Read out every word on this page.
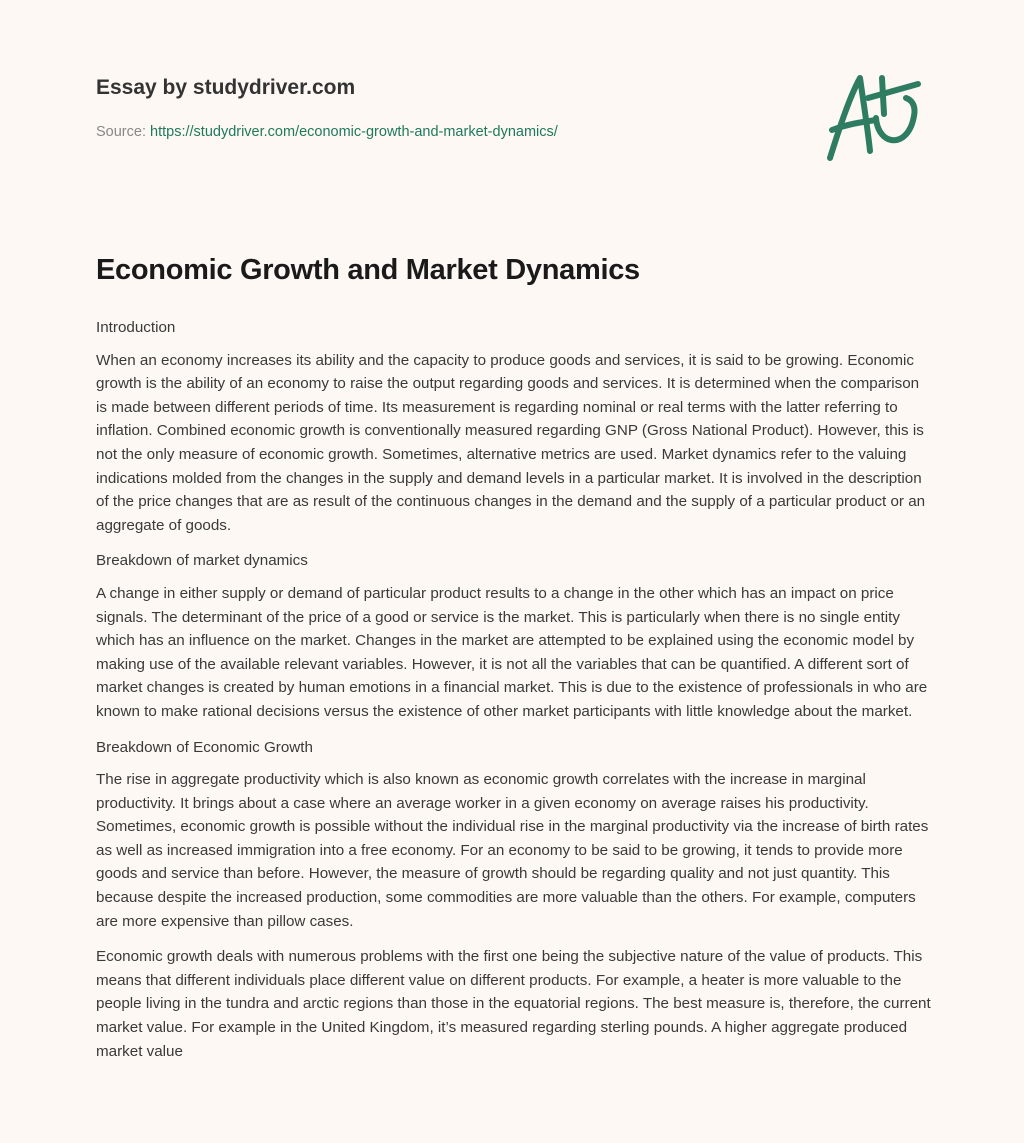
Essay by studydriver.com
Source: https://studydriver.com/economic-growth-and-market-dynamics/
Economic Growth and Market Dynamics

Introduction

When an economy increases its ability and the capacity to produce goods and services, it is said to be growing. Economic growth is the ability of an economy to raise the output regarding goods and services. It is determined when the comparison is made between different periods of time. Its measurement is regarding nominal or real terms with the latter referring to inflation. Combined economic growth is conventionally measured regarding GNP (Gross National Product). However, this is not the only measure of economic growth. Sometimes, alternative metrics are used. Market dynamics refer to the valuing indications molded from the changes in the supply and demand levels in a particular market. It is involved in the description of the price changes that are as result of the continuous changes in the demand and the supply of a particular product or an aggregate of goods.

Breakdown of market dynamics

A change in either supply or demand of particular product results to a change in the other which has an impact on price signals. The determinant of the price of a good or service is the market. This is particularly when there is no single entity which has an influence on the market. Changes in the market are attempted to be explained using the economic model by making use of the available relevant variables. However, it is not all the variables that can be quantified. A different sort of market changes is created by human emotions in a financial market. This is due to the existence of professionals in who are known to make rational decisions versus the existence of other market participants with little knowledge about the market.

Breakdown of Economic Growth

The rise in aggregate productivity which is also known as economic growth correlates with the increase in marginal productivity. It brings about a case where an average worker in a given economy on average raises his productivity. Sometimes, economic growth is possible without the individual rise in the marginal productivity via the increase of birth rates as well as increased immigration into a free economy. For an economy to be said to be growing, it tends to provide more goods and service than before. However, the measure of growth should be regarding quality and not just quantity. This because despite the increased production, some commodities are more valuable than the others. For example, computers are more expensive than pillow cases.

Economic growth deals with numerous problems with the first one being the subjective nature of the value of products. This means that different individuals place different value on different products. For example, a heater is more valuable to the people living in the tundra and arctic regions than those in the equatorial regions. The best measure is, therefore, the current market value. For example in the United Kingdom, it’s measured regarding sterling pounds. A higher aggregate produced market value
